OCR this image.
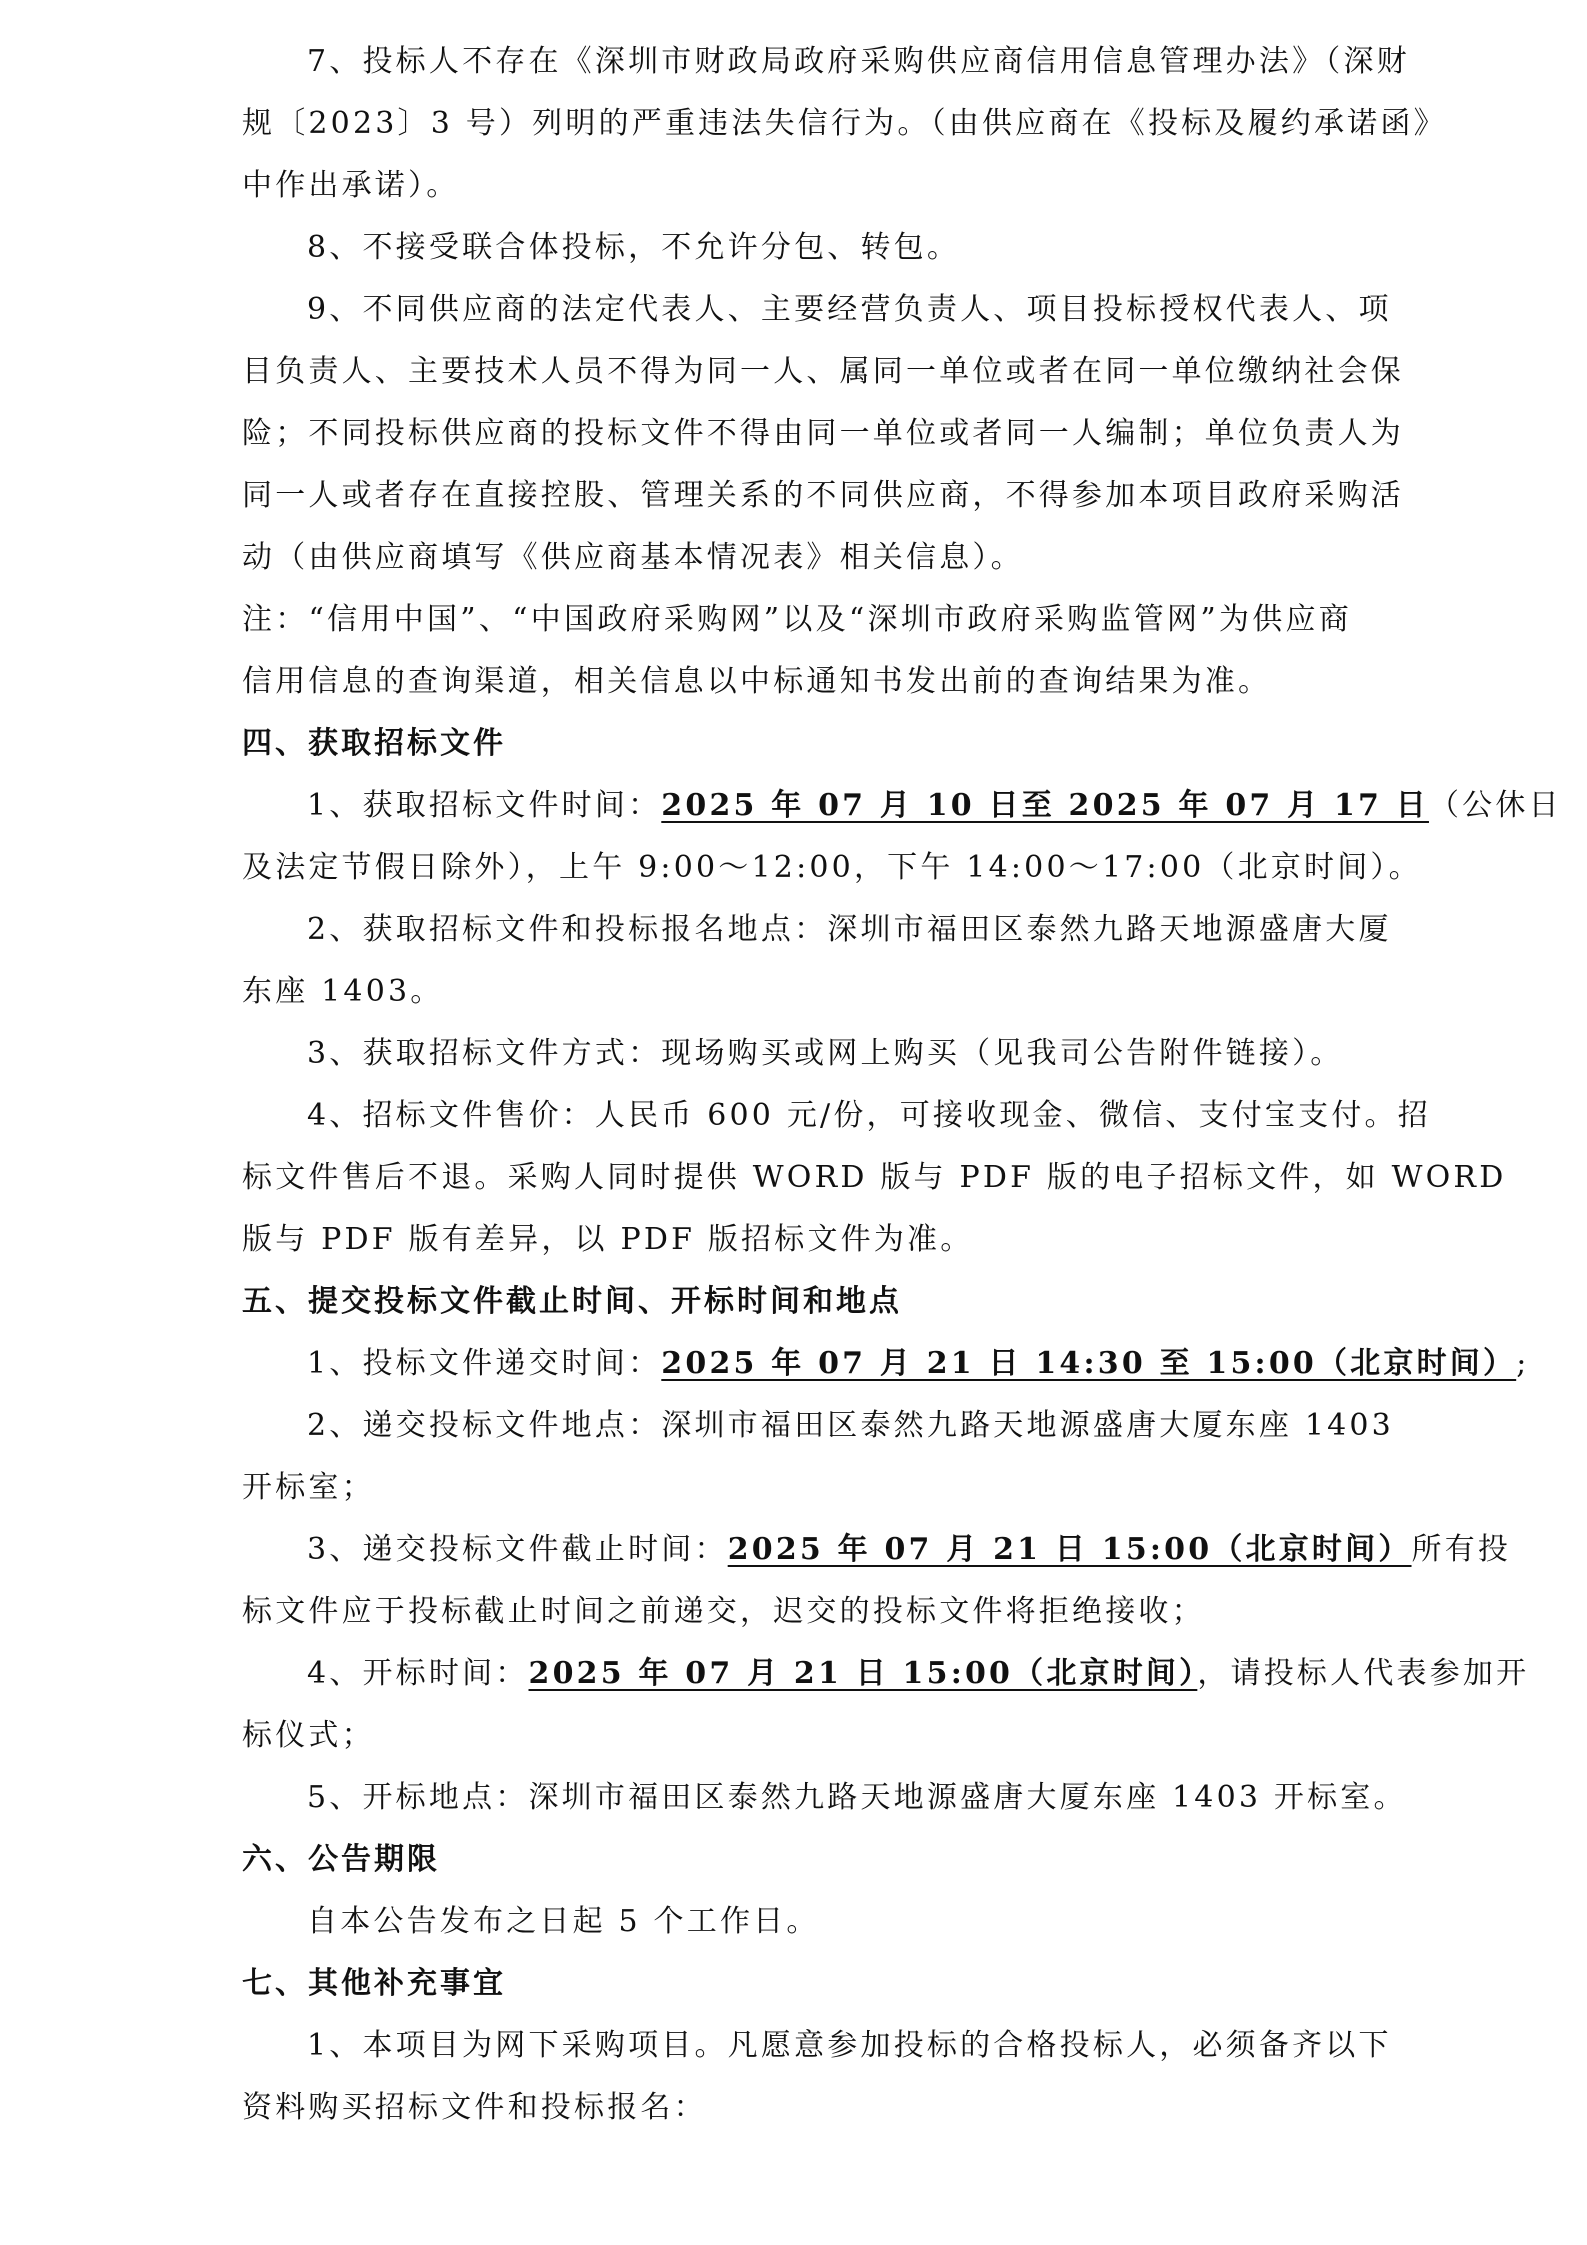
7、投标人不存在《深圳市财政局政府采购供应商信用信息管理办法》（深财
规〔2023〕3 号）列明的严重违法失信行为。（由供应商在《投标及履约承诺函》
中作出承诺）。
8、不接受联合体投标，不允许分包、转包。
9、不同供应商的法定代表人、主要经营负责人、项目投标授权代表人、项
目负责人、主要技术人员不得为同一人、属同一单位或者在同一单位缴纳社会保
险；不同投标供应商的投标文件不得由同一单位或者同一人编制；单位负责人为
同一人或者存在直接控股、管理关系的不同供应商，不得参加本项目政府采购活
动（由供应商填写《供应商基本情况表》相关信息）。
注：“信用中国”、“中国政府采购网”以及“深圳市政府采购监管网”为供应商
信用信息的查询渠道，相关信息以中标通知书发出前的查询结果为准。
四、获取招标文件
1、获取招标文件时间：2025 年 07 月 10 日至 2025 年 07 月 17 日（公休日
及法定节假日除外），上午 9:00～12:00，下午 14:00～17:00（北京时间）。
2、获取招标文件和投标报名地点：深圳市福田区泰然九路天地源盛唐大厦
东座 1403。
3、获取招标文件方式：现场购买或网上购买（见我司公告附件链接）。
4、招标文件售价：人民币 600 元/份，可接收现金、微信、支付宝支付。招
标文件售后不退。采购人同时提供 WORD 版与 PDF 版的电子招标文件，如 WORD
版与 PDF 版有差异，以 PDF 版招标文件为准。
五、提交投标文件截止时间、开标时间和地点
1、投标文件递交时间：2025 年 07 月 21 日 14:30 至 15:00（北京时间）;
2、递交投标文件地点：深圳市福田区泰然九路天地源盛唐大厦东座 1403
开标室；
3、递交投标文件截止时间：2025 年 07 月 21 日 15:00（北京时间）所有投
标文件应于投标截止时间之前递交，迟交的投标文件将拒绝接收；
4、开标时间：2025 年 07 月 21 日 15:00（北京时间），请投标人代表参加开
标仪式；
5、开标地点：深圳市福田区泰然九路天地源盛唐大厦东座 1403 开标室。
六、公告期限
自本公告发布之日起 5 个工作日。
七、其他补充事宜
1、本项目为网下采购项目。凡愿意参加投标的合格投标人，必须备齐以下
资料购买招标文件和投标报名：
